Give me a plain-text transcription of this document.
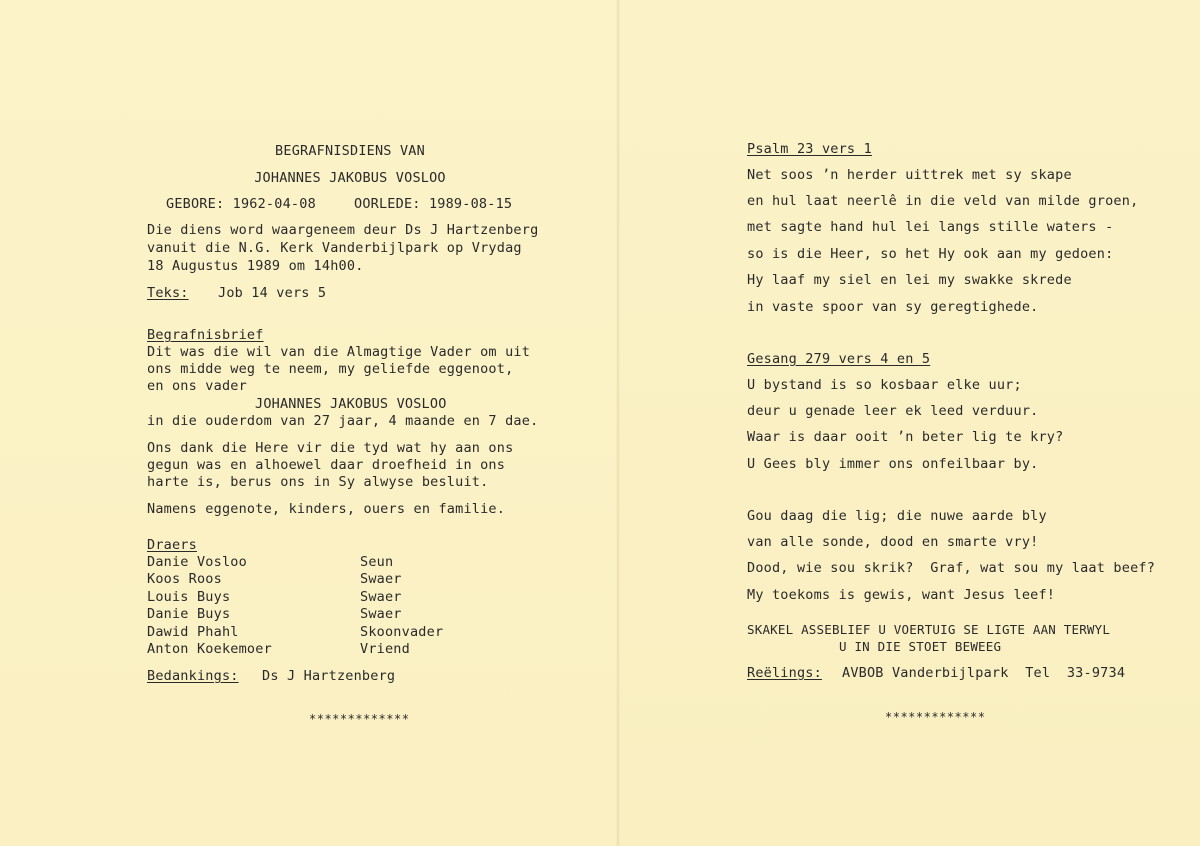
BEGRAFNISDIENS VAN
JOHANNES JAKOBUS VOSLOO
GEBORE: 1962-04-08	OORLEDE: 1989-08-15
Die diens word waargeneem deur Ds J Hartzenberg
vanuit die N.G. Kerk Vanderbijlpark op Vrydag
18 Augustus 1989 om 14h00.
Teks: Job 14 vers 5
Begrafnisbrief
Dit was die wil van die Almagtige Vader om uit
ons midde weg te neem, my geliefde eggenoot,
en ons vader
JOHANNES JAKOBUS VOSLOO
in die ouderdom van 27 jaar, 4 maande en 7 dae.
Ons dank die Here vir die tyd wat hy aan ons
gegun was en alhoewel daar droefheid in ons
harte is, berus ons in Sy alwyse besluit.
Namens eggenote, kinders, ouers en familie.
Draers
Danie Vosloo	Seun
Koos Roos	Swaer
Louis Buys	Swaer
Danie Buys	Swaer
Dawid Phahl	Skoonvader
Anton Koekemoer	Vriend
Bedankings: Ds J Hartzenberg
*************
Psalm 23 vers 1
Net soos ʼn herder uittrek met sy skape
en hul laat neerlê in die veld van milde groen,
met sagte hand hul lei langs stille waters -
so is die Heer, so het Hy ook aan my gedoen:
Hy laaf my siel en lei my swakke skrede
in vaste spoor van sy geregtighede.
Gesang 279 vers 4 en 5
U bystand is so kosbaar elke uur;
deur u genade leer ek leed verduur.
Waar is daar ooit ʼn beter lig te kry?
U Gees bly immer ons onfeilbaar by.
Gou daag die lig; die nuwe aarde bly
van alle sonde, dood en smarte vry!
Dood, wie sou skrik?  Graf, wat sou my laat beef?
My toekoms is gewis, want Jesus leef!
SKAKEL ASSEBLIEF U VOERTUIG SE LIGTE AAN TERWYL
U IN DIE STOET BEWEEG
Reëlings: AVBOB Vanderbijlpark  Tel  33-9734
*************
